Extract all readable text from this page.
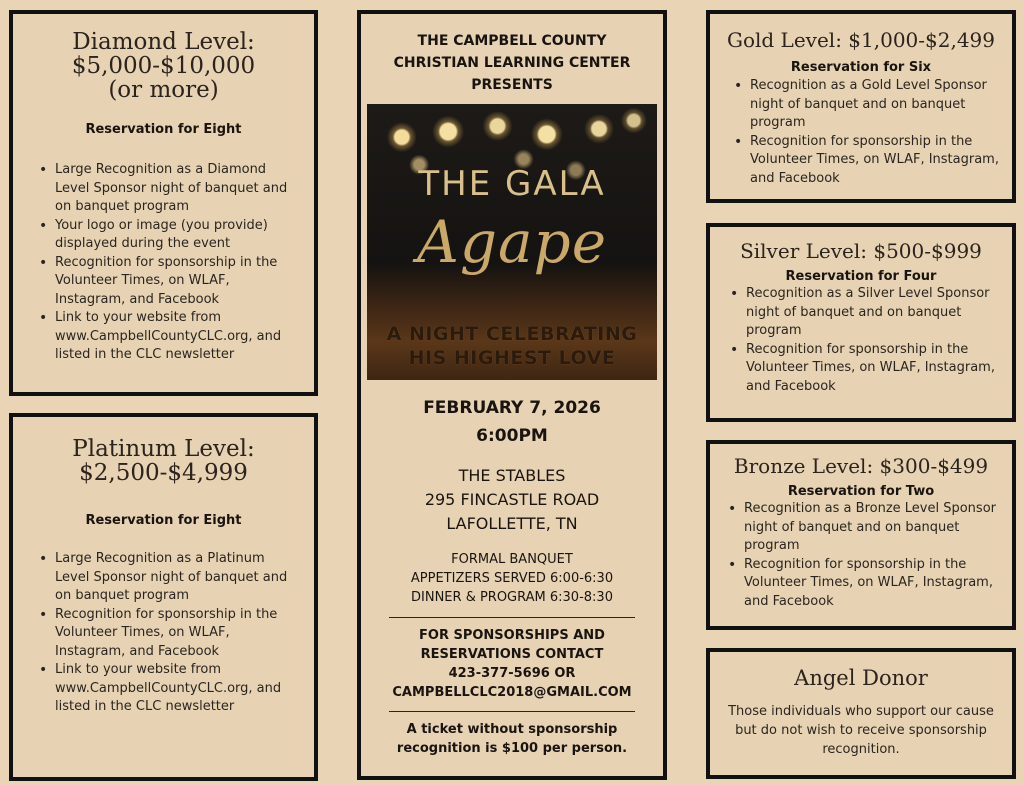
Diamond Level:
$5,000-$10,000
(or more)

Reservation for Eight

• Large Recognition as a Diamond Level Sponsor night of banquet and on banquet program
• Your logo or image (you provide) displayed during the event
• Recognition for sponsorship in the Volunteer Times, on WLAF, Instagram, and Facebook
• Link to your website from www.CampbellCountyCLC.org, and listed in the CLC newsletter
Platinum Level:
$2,500-$4,999

Reservation for Eight

• Large Recognition as a Platinum Level Sponsor night of banquet and on banquet program
• Recognition for sponsorship in the Volunteer Times, on WLAF, Instagram, and Facebook
• Link to your website from www.CampbellCountyCLC.org, and listed in the CLC newsletter
THE CAMPBELL COUNTY
CHRISTIAN LEARNING CENTER
PRESENTS
THE GALA
Agape
A NIGHT CELEBRATING
HIS HIGHEST LOVE
FEBRUARY 7, 2026
6:00PM
THE STABLES
295 FINCASTLE ROAD
LAFOLLETTE, TN
FORMAL BANQUET
APPETIZERS SERVED 6:00-6:30
DINNER & PROGRAM 6:30-8:30
FOR SPONSORSHIPS AND
RESERVATIONS CONTACT
423-377-5696 OR
CAMPBELLCLC2018@GMAIL.COM
A ticket without sponsorship
recognition is $100 per person.
Gold Level: $1,000-$2,499

Reservation for Six

• Recognition as a Gold Level Sponsor night of banquet and on banquet program
• Recognition for sponsorship in the Volunteer Times, on WLAF, Instagram, and Facebook
Silver Level: $500-$999

Reservation for Four

• Recognition as a Silver Level Sponsor night of banquet and on banquet program
• Recognition for sponsorship in the Volunteer Times, on WLAF, Instagram, and Facebook
Bronze Level: $300-$499

Reservation for Two

• Recognition as a Bronze Level Sponsor night of banquet and on banquet program
• Recognition for sponsorship in the Volunteer Times, on WLAF, Instagram, and Facebook
Angel Donor

Those individuals who support our cause but do not wish to receive sponsorship recognition.
